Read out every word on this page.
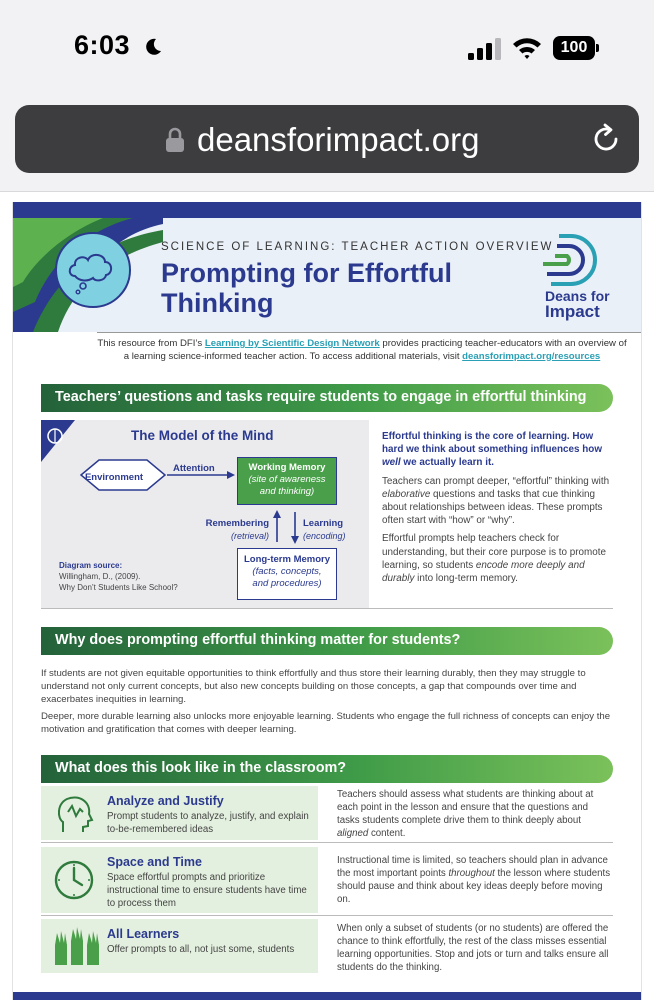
6:03	100
deansforimpact.org
SCIENCE OF LEARNING: TEACHER ACTION OVERVIEW
Prompting for Effortful
Thinking	Deans for
Impact
This resource from DFI’s Learning by Scientific Design Network provides practicing teacher-educators with an overview of a learning science-informed teacher action. To access additional materials, visit deansforimpact.org/resources
Teachers’ questions and tasks require students to engage in effortful thinking
The Model of the Mind
Environment
Attention	Working Memory
(site of awareness
and thinking)
Remembering
(retrieval)
Learning
(encoding)
Long-term Memory
(facts, concepts,
and procedures)
Diagram source:
Willingham, D., (2009).
Why Don’t Students Like School?

Effortful thinking is the core of learning. How hard we think about something influences how well we actually learn it.

Teachers can prompt deeper, “effortful” thinking with elaborative questions and tasks that cue thinking about relationships between ideas. These prompts often start with “how” or “why”.

Effortful prompts help teachers check for understanding, but their core purpose is to promote learning, so students encode more deeply and durably into long-term memory.

Why does prompting effortful thinking matter for students?
If students are not given equitable opportunities to think effortfully and thus store their learning durably, then they may struggle to understand not only current concepts, but also new concepts building on those concepts, a gap that compounds over time and exacerbates inequities in learning.
Deeper, more durable learning also unlocks more enjoyable learning. Students who engage the full richness of concepts can enjoy the motivation and gratification that comes with deeper learning.
What does this look like in the classroom?
Analyze and Justify
Prompt students to analyze, justify, and explain to-be-remembered ideas
Teachers should assess what students are thinking about at each point in the lesson and ensure that the questions and tasks students complete drive them to think deeply about aligned content.
Space and Time
Space effortful prompts and prioritize instructional time to ensure students have time to process them
Instructional time is limited, so teachers should plan in advance the most important points throughout the lesson where students should pause and think about key ideas deeply before moving on.
All Learners
Offer prompts to all, not just some, students
When only a subset of students (or no students) are offered the chance to think effortfully, the rest of the class misses essential learning opportunities. Stop and jots or turn and talks ensure all students do the thinking.
